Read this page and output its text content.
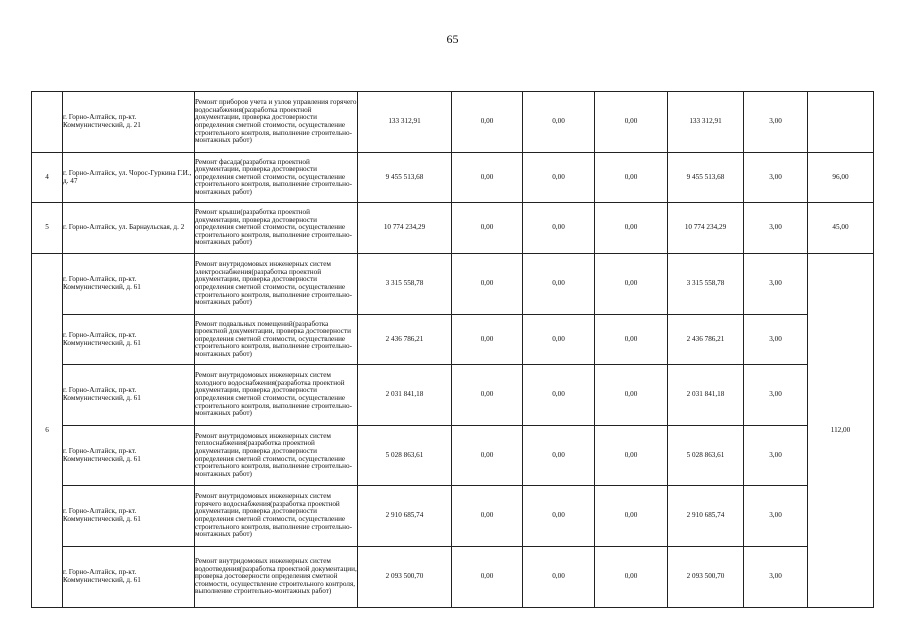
65
	г. Горно-Алтайск, пр-кт. Коммунистический, д. 21	Ремонт приборов учета и узлов управления горячего водоснабжения(разработка проектной документации, проверка достоверности определения сметной стоимости, осуществление строительного контроля, выполнение строительно-монтажных работ)	133 312,91	0,00	0,00	0,00	133 312,91	3,00	
4	г. Горно-Алтайск, ул. Чорос-Гуркина Г.И., д. 47	Ремонт фасада(разработка проектной документации, проверка достоверности определения сметной стоимости, осуществление строительного контроля, выполнение строительно-монтажных работ)	9 455 513,68	0,00	0,00	0,00	9 455 513,68	3,00	96,00
5	г. Горно-Алтайск, ул. Барнаульская, д. 2	Ремонт крыши(разработка проектной документации, проверка достоверности определения сметной стоимости, осуществление строительного контроля, выполнение строительно-монтажных работ)	10 774 234,29	0,00	0,00	0,00	10 774 234,29	3,00	45,00
6	г. Горно-Алтайск, пр-кт. Коммунистический, д. 61	Ремонт внутридомовых инженерных систем электроснабжения(разработка проектной документации, проверка достоверности определения сметной стоимости, осуществление строительного контроля, выполнение строительно-монтажных работ)	3 315 558,78	0,00	0,00	0,00	3 315 558,78	3,00	112,00
	г. Горно-Алтайск, пр-кт. Коммунистический, д. 61	Ремонт подвальных помещений(разработка проектной документации, проверка достоверности определения сметной стоимости, осуществление строительного контроля, выполнение строительно-монтажных работ)	2 436 786,21	0,00	0,00	0,00	2 436 786,21	3,00	
	г. Горно-Алтайск, пр-кт. Коммунистический, д. 61	Ремонт внутридомовых инженерных систем холодного водоснабжения(разработка проектной документации, проверка достоверности определения сметной стоимости, осуществление строительного контроля, выполнение строительно-монтажных работ)	2 031 841,18	0,00	0,00	0,00	2 031 841,18	3,00	
	г. Горно-Алтайск, пр-кт. Коммунистический, д. 61	Ремонт внутридомовых инженерных систем теплоснабжения(разработка проектной документации, проверка достоверности определения сметной стоимости, осуществление строительного контроля, выполнение строительно-монтажных работ)	5 028 863,61	0,00	0,00	0,00	5 028 863,61	3,00	
	г. Горно-Алтайск, пр-кт. Коммунистический, д. 61	Ремонт внутридомовых инженерных систем горячего водоснабжения(разработка проектной документации, проверка достоверности определения сметной стоимости, осуществление строительного контроля, выполнение строительно-монтажных работ)	2 910 685,74	0,00	0,00	0,00	2 910 685,74	3,00	
	г. Горно-Алтайск, пр-кт. Коммунистический, д. 61	Ремонт внутридомовых инженерных систем водоотведения(разработка проектной документации, проверка достоверности определения сметной стоимости, осуществление строительного контроля, выполнение строительно-монтажных работ)	2 093 500,70	0,00	0,00	0,00	2 093 500,70	3,00	
